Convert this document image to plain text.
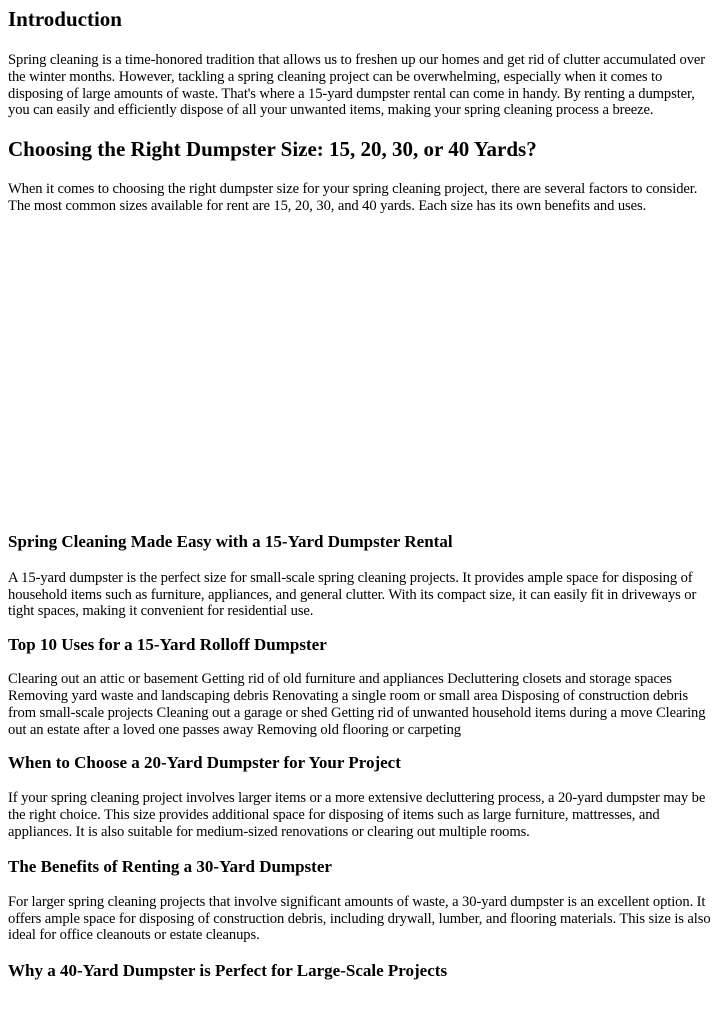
Introduction

Spring cleaning is a time-honored tradition that allows us to freshen up our homes and get rid of clutter accumulated over the winter months. However, tackling a spring cleaning project can be overwhelming, especially when it comes to disposing of large amounts of waste. That's where a 15-yard dumpster rental can come in handy. By renting a dumpster, you can easily and efficiently dispose of all your unwanted items, making your spring cleaning process a breeze.

Choosing the Right Dumpster Size: 15, 20, 30, or 40 Yards?

When it comes to choosing the right dumpster size for your spring cleaning project, there are several factors to consider. The most common sizes available for rent are 15, 20, 30, and 40 yards. Each size has its own benefits and uses.

Spring Cleaning Made Easy with a 15-Yard Dumpster Rental

A 15-yard dumpster is the perfect size for small-scale spring cleaning projects. It provides ample space for disposing of household items such as furniture, appliances, and general clutter. With its compact size, it can easily fit in driveways or tight spaces, making it convenient for residential use.

Top 10 Uses for a 15-Yard Rolloff Dumpster

Clearing out an attic or basement Getting rid of old furniture and appliances Decluttering closets and storage spaces Removing yard waste and landscaping debris Renovating a single room or small area Disposing of construction debris from small-scale projects Cleaning out a garage or shed Getting rid of unwanted household items during a move Clearing out an estate after a loved one passes away Removing old flooring or carpeting

When to Choose a 20-Yard Dumpster for Your Project

If your spring cleaning project involves larger items or a more extensive decluttering process, a 20-yard dumpster may be the right choice. This size provides additional space for disposing of items such as large furniture, mattresses, and appliances. It is also suitable for medium-sized renovations or clearing out multiple rooms.

The Benefits of Renting a 30-Yard Dumpster

For larger spring cleaning projects that involve significant amounts of waste, a 30-yard dumpster is an excellent option. It offers ample space for disposing of construction debris, including drywall, lumber, and flooring materials. This size is also ideal for office cleanouts or estate cleanups.

Why a 40-Yard Dumpster is Perfect for Large-Scale Projects
